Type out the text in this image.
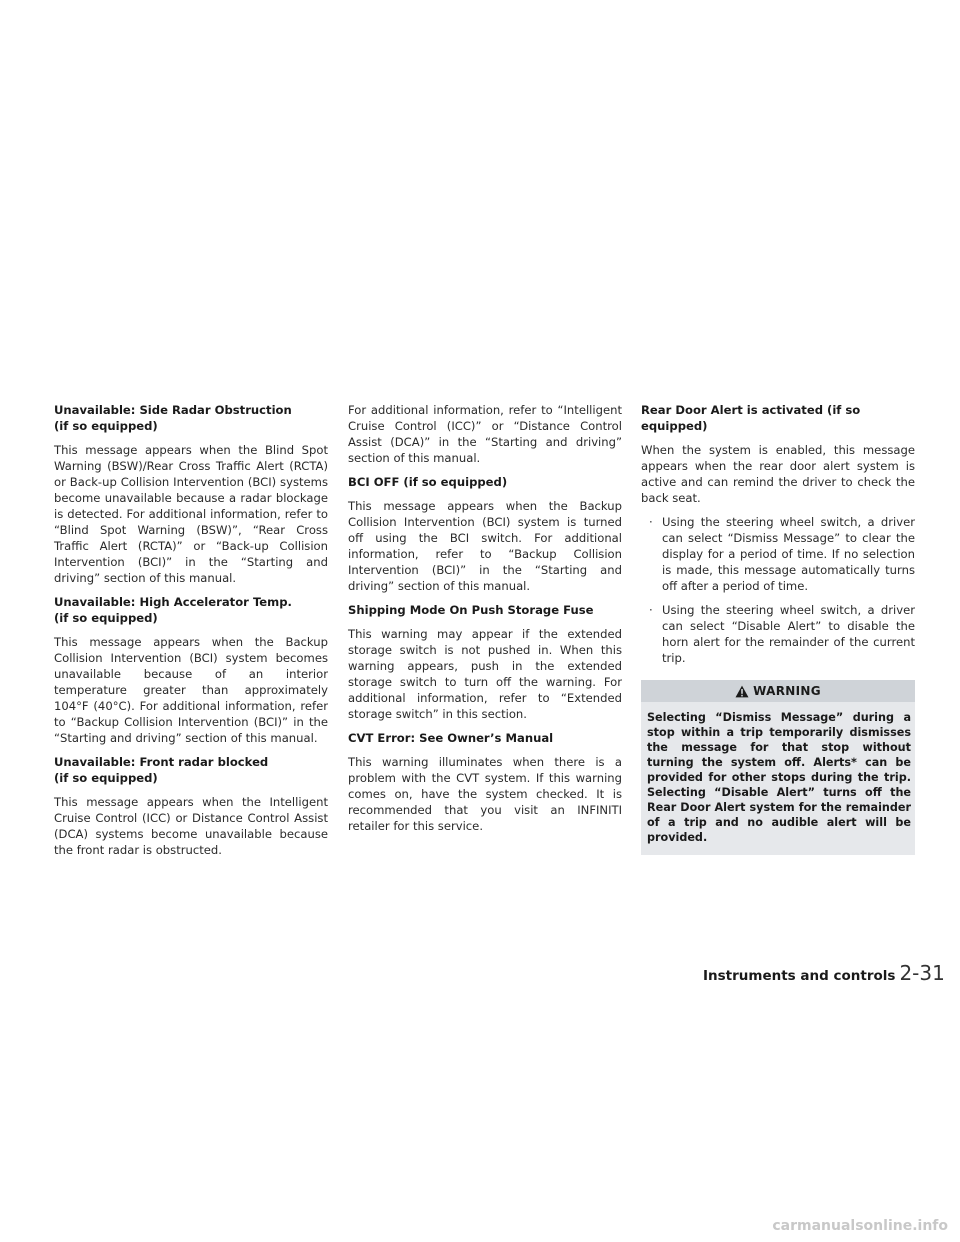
Unavailable: Side Radar Obstruction
(if so equipped)

This message appears when the Blind Spot Warning (BSW)/Rear Cross Traffic Alert (RCTA) or Back-up Collision Intervention (BCI) systems become unavailable because a radar blockage is detected. For additional information, refer to “Blind Spot Warning (BSW)”, “Rear Cross Traffic Alert (RCTA)” or “Back-up Collision Intervention (BCI)” in the “Starting and driving” section of this manual.

Unavailable: High Accelerator Temp.
(if so equipped)

This message appears when the Backup Collision Intervention (BCI) system becomes unavailable because of an interior temperature greater than approximately 104°F (40°C). For additional information, refer to “Backup Collision Intervention (BCI)” in the “Starting and driving” section of this manual.

Unavailable: Front radar blocked
(if so equipped)

This message appears when the Intelligent Cruise Control (ICC) or Distance Control Assist (DCA) systems become unavailable because the front radar is obstructed.

For additional information, refer to “Intelligent Cruise Control (ICC)” or “Distance Control Assist (DCA)” in the “Starting and driving” section of this manual.

BCI OFF (if so equipped)

This message appears when the Backup Collision Intervention (BCI) system is turned off using the BCI switch. For additional information, refer to “Backup Collision Intervention (BCI)” in the “Starting and driving” section of this manual.

Shipping Mode On Push Storage Fuse

This warning may appear if the extended storage switch is not pushed in. When this warning appears, push in the extended storage switch to turn off the warning. For additional information, refer to “Extended storage switch” in this section.

CVT Error: See Owner’s Manual

This warning illuminates when there is a problem with the CVT system. If this warning comes on, have the system checked. It is recommended that you visit an INFINITI retailer for this service.

Rear Door Alert is activated (if so equipped)

When the system is enabled, this message appears when the rear door alert system is active and can remind the driver to check the back seat.

· Using the steering wheel switch, a driver can select “Dismiss Message” to clear the display for a period of time. If no selection is made, this message automatically turns off after a period of time.
· Using the steering wheel switch, a driver can select “Disable Alert” to disable the horn alert for the remainder of the current trip.
WARNING

Selecting “Dismiss Message” during a stop within a trip temporarily dismisses the message for that stop without turning the system off. Alerts* can be provided for other stops during the trip. Selecting “Disable Alert” turns off the Rear Door Alert system for the remainder of a trip and no audible alert will be provided.

Instruments and controls 2-31
carmanualsonline.info
